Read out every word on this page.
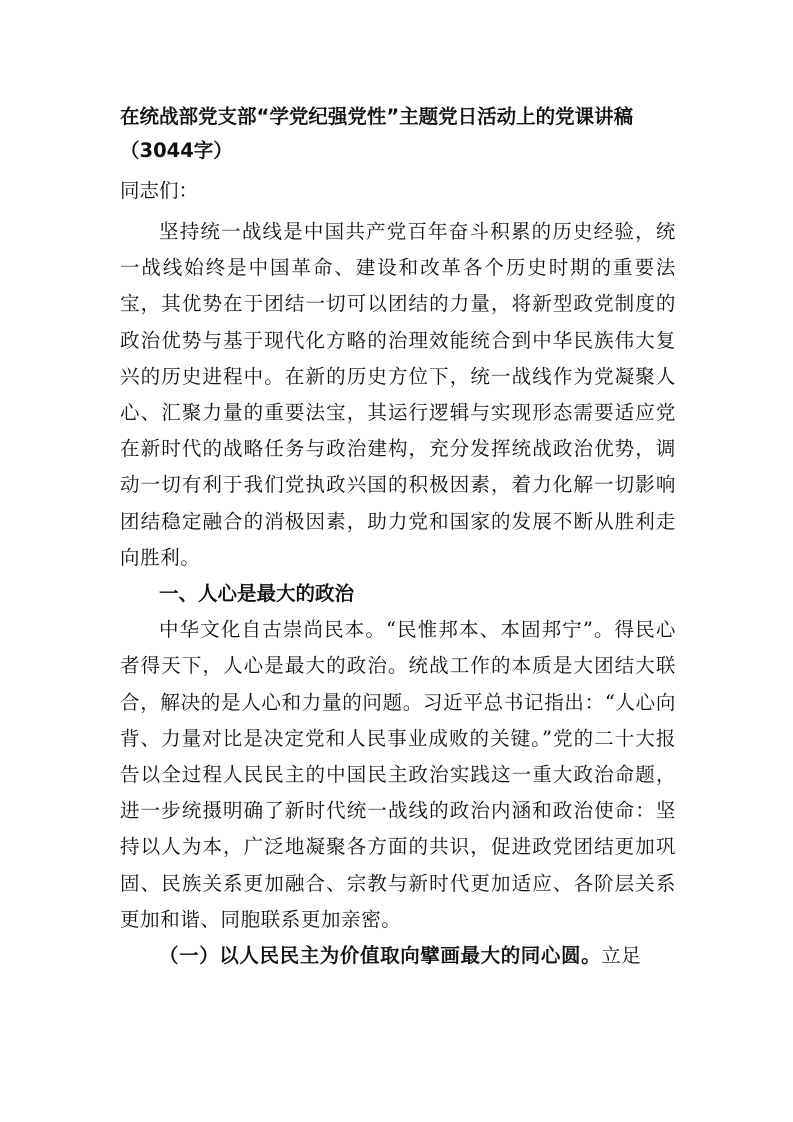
在统战部党支部“学党纪强党性”主题党日活动上的党课讲稿（3044字）

同志们：

坚持统一战线是中国共产党百年奋斗积累的历史经验，统一战线始终是中国革命、建设和改革各个历史时期的重要法宝，其优势在于团结一切可以团结的力量，将新型政党制度的政治优势与基于现代化方略的治理效能统合到中华民族伟大复兴的历史进程中。在新的历史方位下，统一战线作为党凝聚人心、汇聚力量的重要法宝，其运行逻辑与实现形态需要适应党在新时代的战略任务与政治建构，充分发挥统战政治优势，调动一切有利于我们党执政兴国的积极因素，着力化解一切影响团结稳定融合的消极因素，助力党和国家的发展不断从胜利走向胜利。

一、人心是最大的政治

中华文化自古崇尚民本。“民惟邦本、本固邦宁”。得民心者得天下，人心是最大的政治。统战工作的本质是大团结大联合，解决的是人心和力量的问题。习近平总书记指出：“人心向背、力量对比是决定党和人民事业成败的关键。”党的二十大报告以全过程人民民主的中国民主政治实践这一重大政治命题，进一步统摄明确了新时代统一战线的政治内涵和政治使命：坚持以人为本，广泛地凝聚各方面的共识，促进政党团结更加巩固、民族关系更加融合、宗教与新时代更加适应、各阶层关系更加和谐、同胞联系更加亲密。

（一）以人民民主为价值取向擘画最大的同心圆。立足
